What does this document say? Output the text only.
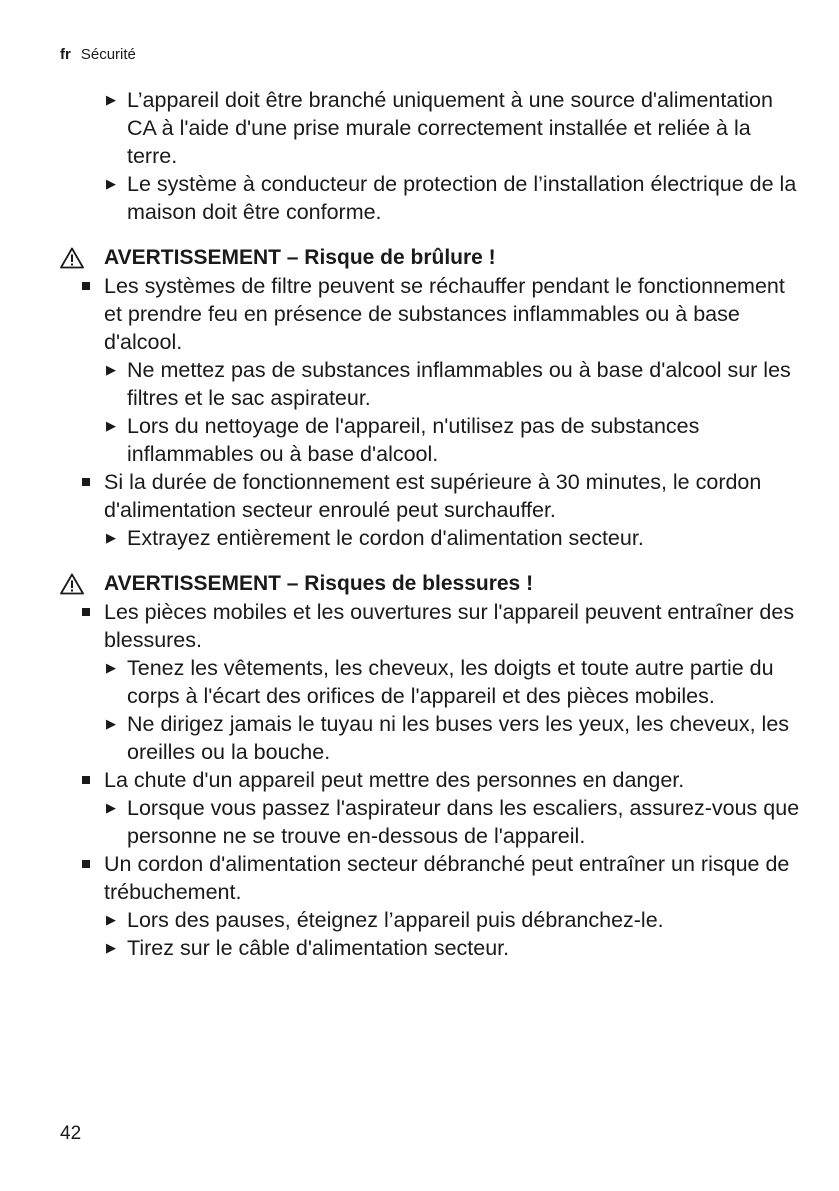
fr Sécurité
▶ L’appareil doit être branché uniquement à une source d'alimentation CA à l'aide d'une prise murale correctement installée et reliée à la terre.
▶ Le système à conducteur de protection de l’installation électrique de la maison doit être conforme.
AVERTISSEMENT – Risque de brûlure !
Les systèmes de filtre peuvent se réchauffer pendant le fonctionnement et prendre feu en présence de substances inflammables ou à base d'alcool.
▶ Ne mettez pas de substances inflammables ou à base d'alcool sur les filtres et le sac aspirateur.
▶ Lors du nettoyage de l'appareil, n'utilisez pas de substances inflammables ou à base d'alcool.
Si la durée de fonctionnement est supérieure à 30 minutes, le cordon d'alimentation secteur enroulé peut surchauffer.
▶ Extrayez entièrement le cordon d'alimentation secteur.
AVERTISSEMENT – Risques de blessures !
Les pièces mobiles et les ouvertures sur l'appareil peuvent entraîner des blessures.
▶ Tenez les vêtements, les cheveux, les doigts et toute autre partie du corps à l'écart des orifices de l'appareil et des pièces mobiles.
▶ Ne dirigez jamais le tuyau ni les buses vers les yeux, les cheveux, les oreilles ou la bouche.
La chute d'un appareil peut mettre des personnes en danger.
▶ Lorsque vous passez l'aspirateur dans les escaliers, assurez-vous que personne ne se trouve en-dessous de l'appareil.
Un cordon d'alimentation secteur débranché peut entraîner un risque de trébuchement.
▶ Lors des pauses, éteignez l’appareil puis débranchez-le.
▶ Tirez sur le câble d'alimentation secteur.
42
